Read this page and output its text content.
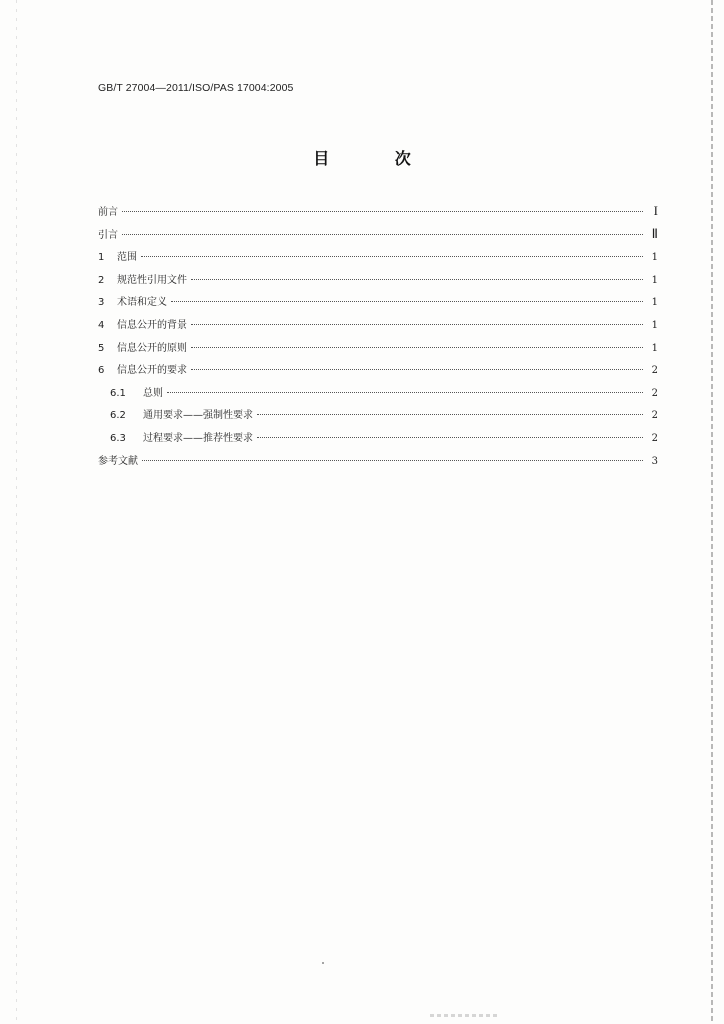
GB/T 27004—2011/ISO/PAS 17004:2005
目 次
前言	I
引言	Ⅱ
1	范围	1
2	规范性引用文件	1
3	术语和定义	1
4	信息公开的背景	1
5	信息公开的原则	1
6	信息公开的要求	2
6.1	总则	2
6.2	通用要求——强制性要求	2
6.3	过程要求——推荐性要求	2
参考文献	3
